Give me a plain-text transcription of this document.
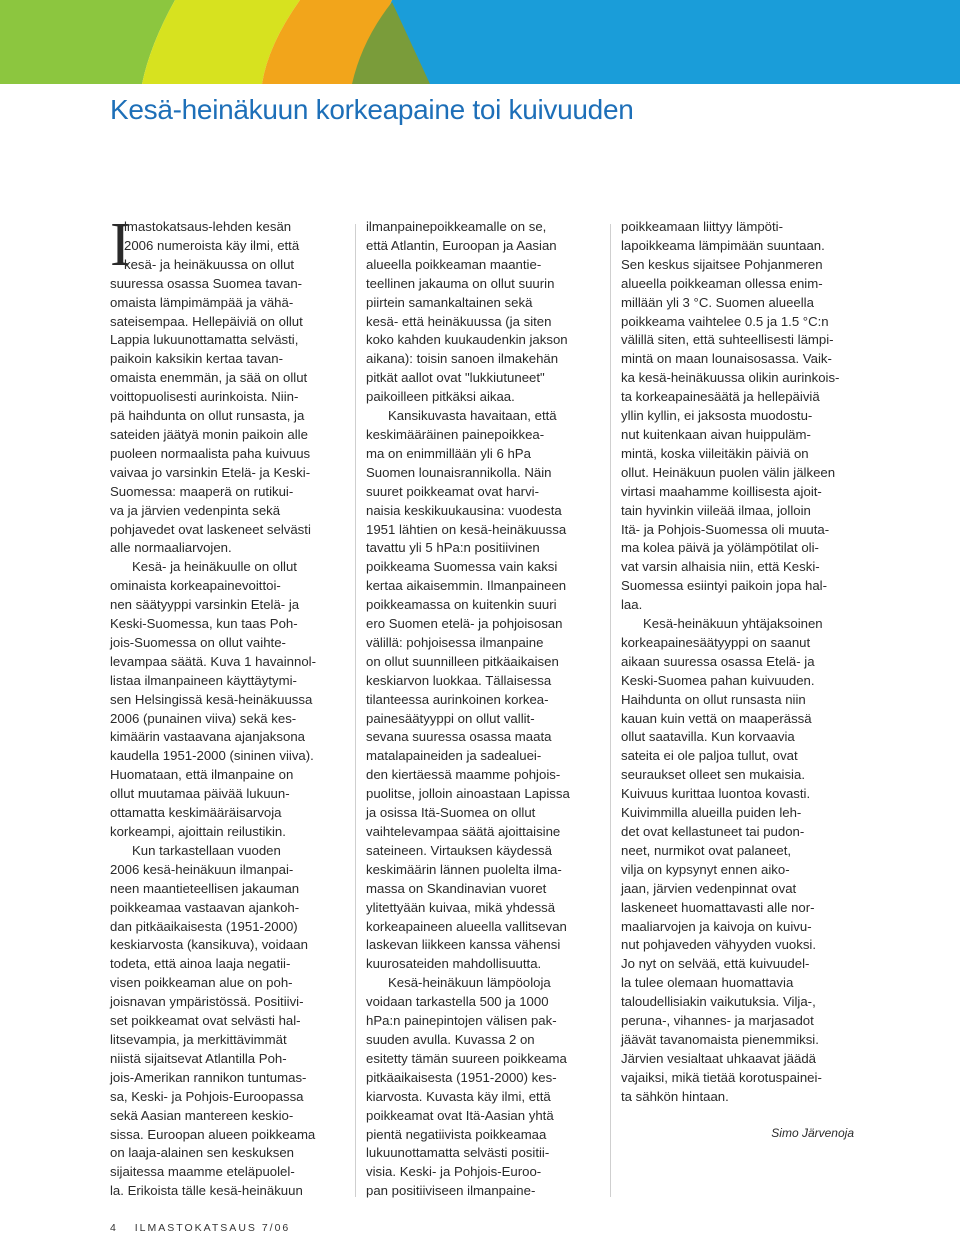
Kesä-heinäkuun korkeapaine toi kuivuuden
I

lmastokatsaus-lehden kesän
2006 numeroista käy ilmi, että
kesä- ja heinäkuussa on ollut
suuressa osassa Suomea tavan-
omaista lämpimämpää ja vähä-
sateisempaa. Hellepäiviä on ollut
Lappia lukuunottamatta selvästi,
paikoin kaksikin kertaa tavan-
omaista enemmän, ja sää on ollut
voittopuolisesti aurinkoista. Niin-
pä haihdunta on ollut runsasta, ja
sateiden jäätyä monin paikoin alle
puoleen normaalista paha kuivuus
vaivaa jo varsinkin Etelä- ja Keski-
Suomessa: maaperä on rutikui-
va ja järvien vedenpinta sekä
pohjavedet ovat laskeneet selvästi
alle normaaliarvojen.

Kesä- ja heinäkuulle on ollut
ominaista korkeapainevoittoi-
nen säätyyppi varsinkin Etelä- ja
Keski-Suomessa, kun taas Poh-
jois-Suomessa on ollut vaihte-
levampaa säätä. Kuva 1 havainnol-
listaa ilmanpaineen käyttäytymi-
sen Helsingissä kesä-heinäkuussa
2006 (punainen viiva) sekä kes-
kimäärin vastaavana ajanjaksona
kaudella 1951-2000 (sininen viiva).
Huomataan, että ilmanpaine on
ollut muutamaa päivää lukuun-
ottamatta keskimääräisarvoja
korkeampi, ajoittain reilustikin.

Kun tarkastellaan vuoden
2006 kesä-heinäkuun ilmanpai-
neen maantieteellisen jakauman
poikkeamaa vastaavan ajankoh-
dan pitkäaikaisesta (1951-2000)
keskiarvosta (kansikuva), voidaan
todeta, että ainoa laaja negatii-
visen poikkeaman alue on poh-
joisnavan ympäristössä. Positiivi-
set poikkeamat ovat selvästi hal-
litsevampia, ja merkittävimmät
niistä sijaitsevat Atlantilla Poh-
jois-Amerikan rannikon tuntumas-
sa, Keski- ja Pohjois-Euroopassa
sekä Aasian mantereen keskio-
sissa. Euroopan alueen poikkeama
on laaja-alainen sen keskuksen
sijaitessa maamme eteläpuolel-
la. Erikoista tälle kesä-heinäkuun

ilmanpainepoikkeamalle on se,
että Atlantin, Euroopan ja Aasian
alueella poikkeaman maantie-
teellinen jakauma on ollut suurin
piirtein samankaltainen sekä
kesä- että heinäkuussa (ja siten
koko kahden kuukaudenkin jakson
aikana): toisin sanoen ilmakehän
pitkät aallot ovat "lukkiutuneet"
paikoilleen pitkäksi aikaa.

Kansikuvasta havaitaan, että
keskimääräinen painepoikkea-
ma on enimmillään yli 6 hPa
Suomen lounaisrannikolla. Näin
suuret poikkeamat ovat harvi-
naisia keskikuukausina: vuodesta
1951 lähtien on kesä-heinäkuussa
tavattu yli 5 hPa:n positiivinen
poikkeama Suomessa vain kaksi
kertaa aikaisemmin. Ilmanpaineen
poikkeamassa on kuitenkin suuri
ero Suomen etelä- ja pohjoisosan
välillä: pohjoisessa ilmanpaine
on ollut suunnilleen pitkäaikaisen
keskiarvon luokkaa. Tällaisessa
tilanteessa aurinkoinen korkea-
painesäätyyppi on ollut vallit-
sevana suuressa osassa maata
matalapaineiden ja sadealuei-
den kiertäessä maamme pohjois-
puolitse, jolloin ainoastaan Lapissa
ja osissa Itä-Suomea on ollut
vaihtelevampaa säätä ajoittaisine
sateineen. Virtauksen käydessä
keskimäärin lännen puolelta ilma-
massa on Skandinavian vuoret
ylitettyään kuivaa, mikä yhdessä
korkeapaineen alueella vallitsevan
laskevan liikkeen kanssa vähensi
kuurosateiden mahdollisuutta.

Kesä-heinäkuun lämpöoloja
voidaan tarkastella 500 ja 1000
hPa:n painepintojen välisen pak-
suuden avulla. Kuvassa 2 on
esitetty tämän suureen poikkeama
pitkäaikaisesta (1951-2000) kes-
kiarvosta. Kuvasta käy ilmi, että
poikkeamat ovat Itä-Aasian yhtä
pientä negatiivista poikkeamaa
lukuunottamatta selvästi positii-
visia. Keski- ja Pohjois-Euroo-
pan positiiviseen ilmanpaine-

poikkeamaan liittyy lämpöti-
lapoikkeama lämpimään suuntaan.
Sen keskus sijaitsee Pohjanmeren
alueella poikkeaman ollessa enim-
millään yli 3 °C. Suomen alueella
poikkeama vaihtelee 0.5 ja 1.5 °C:n
välillä siten, että suhteellisesti lämpi-
mintä on maan lounaisosassa. Vaik-
ka kesä-heinäkuussa olikin aurinkois-
ta korkeapainesäätä ja hellepäiviä
yllin kyllin, ei jaksosta muodostu-
nut kuitenkaan aivan huippuläm-
mintä, koska viileitäkin päiviä on
ollut. Heinäkuun puolen välin jälkeen
virtasi maahamme koillisesta ajoit-
tain hyvinkin viileää ilmaa, jolloin
Itä- ja Pohjois-Suomessa oli muuta-
ma kolea päivä ja yölämpötilat oli-
vat varsin alhaisia niin, että Keski-
Suomessa esiintyi paikoin jopa hal-
laa.

Kesä-heinäkuun yhtäjaksoinen
korkeapainesäätyyppi on saanut
aikaan suuressa osassa Etelä- ja
Keski-Suomea pahan kuivuuden.
Haihdunta on ollut runsasta niin
kauan kuin vettä on maaperässä
ollut saatavilla. Kun korvaavia
sateita ei ole paljoa tullut, ovat
seuraukset olleet sen mukaisia.
Kuivuus kurittaa luontoa kovasti.
Kuivimmilla alueilla puiden leh-
det ovat kellastuneet tai pudon-
neet, nurmikot ovat palaneet,
vilja on kypsynyt ennen aiko-
jaan, järvien vedenpinnat ovat
laskeneet huomattavasti alle nor-
maaliarvojen ja kaivoja on kuivu-
nut pohjaveden vähyyden vuoksi.
Jo nyt on selvää, että kuivuudel-
la tulee olemaan huomattavia
taloudellisiakin vaikutuksia. Vilja-,
peruna-, vihannes- ja marjasadot
jäävät tavanomaista pienemmiksi.
Järvien vesialtaat uhkaavat jäädä
vajaiksi, mikä tietää korotuspainei-
ta sähkön hintaan.

Simo Järvenoja
4 ILMASTOKATSAUS 7/06
